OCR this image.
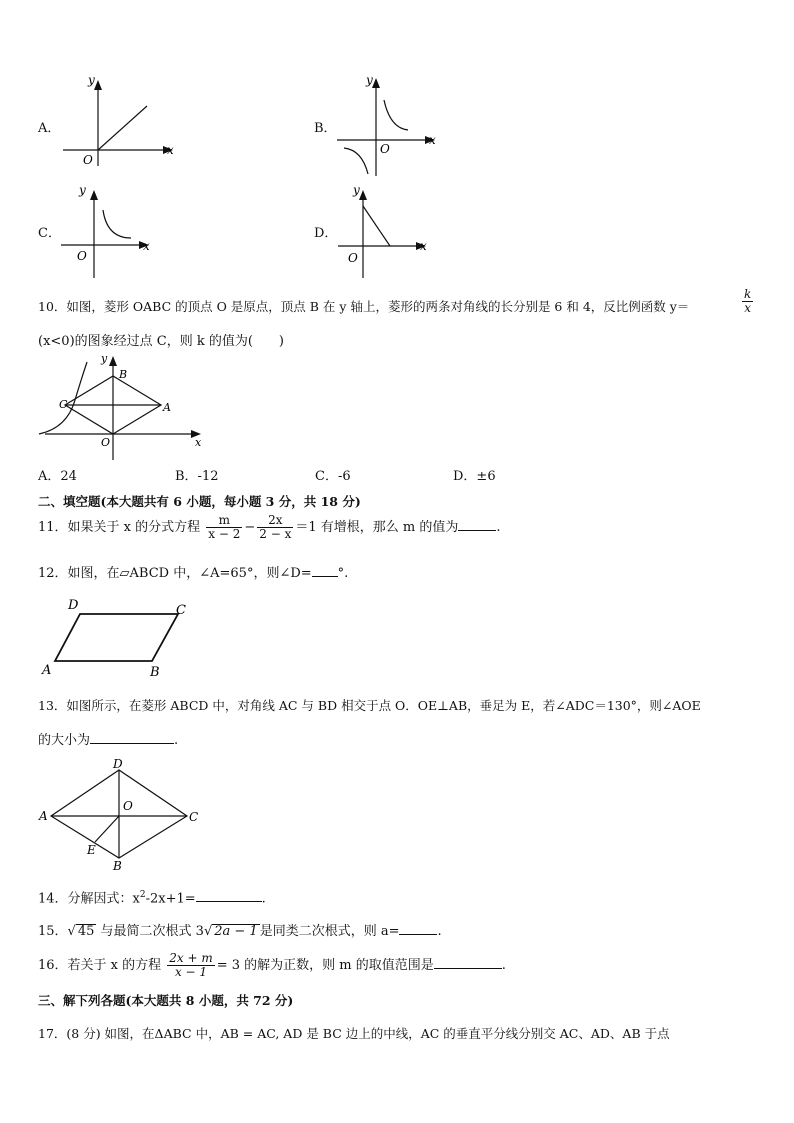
A．
x
y
O
B．
x
y
O
C．
x
y
O
D．
x
y
O
10．如图，菱形 OABC 的顶点 O 是原点，顶点 B 在 y 轴上，菱形的两条对角线的长分别是 6 和 4，反比例函数 y＝	$\frac{k}{x}$
(x<0)的图象经过点 C，则 k 的值为(　　)
y
x
B
C	A
O
A．24	B．-12	C．-6	D．±6
二、填空题(本大题共有 6 小题，每小题 3 分，共 18 分)
11．如果关于 x 的分式方程 $\frac{m}{x - 2} - \frac{2x}{2 - x} =1$ 有增根，那么 m 的值为	.
12．如图，在▱ABCD 中，∠A=65°，则∠D= °.
A	B
C
D
13．如图所示，在菱形 ABCD 中，对角线 AC 与 BD 相交于点 O．OE⊥AB，垂足为 E，若∠ADC＝130°，则∠AOE
的大小为	.
A
B
C
D
O
E
14．分解因式：$x^2-2x+1=$	.
15．√ 45 与最简二次根式 3√ 2a − 1 是同类二次根式，则 a=	.
16．若关于 x 的方程 $\frac{2x + m}{x - 1} = 3$ 的解为正数，则 m 的取值范围是	.
三、解下列各题(本大题共 8 小题，共 72 分)
17．(8 分) 如图，在ΔABC 中，AB = AC, AD 是 BC 边上的中线，AC 的垂直平分线分别交 AC、AD、AB 于点
